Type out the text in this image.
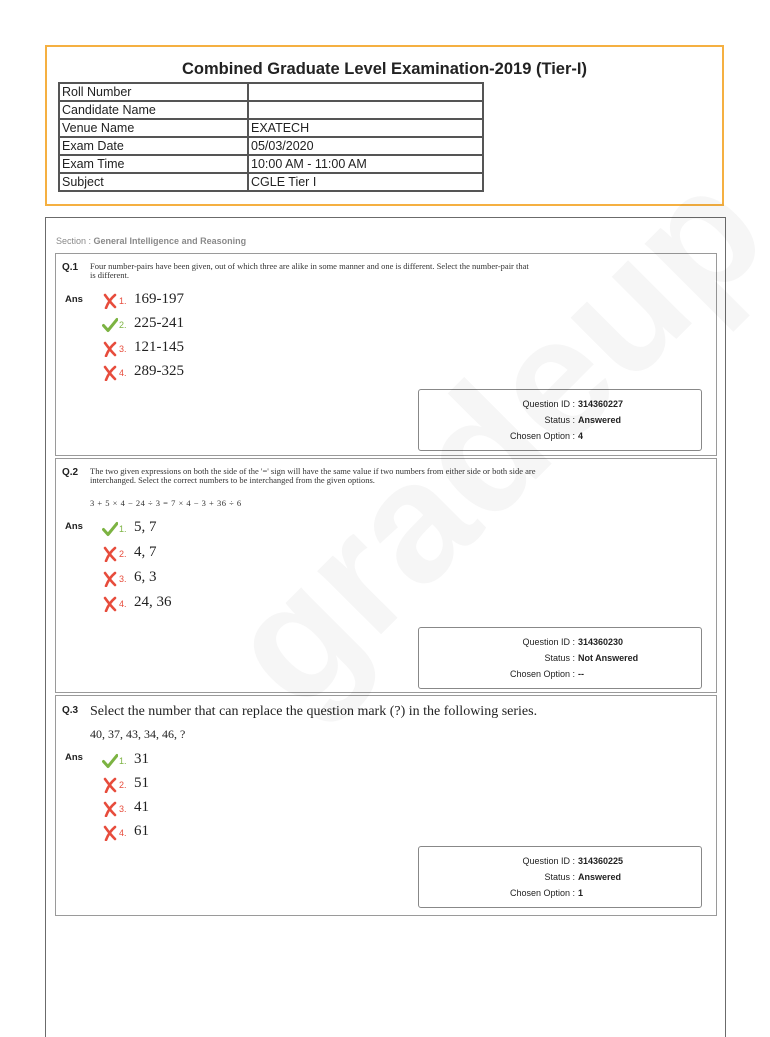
Combined Graduate Level Examination-2019 (Tier-I)
Roll Number	
Candidate Name	
Venue Name	EXATECH
Exam Date	05/03/2020
Exam Time	10:00 AM - 11:00 AM
Subject	CGLE Tier I
Section : General Intelligence and Reasoning
Q.1 Four number-pairs have been given, out of which three are alike in some manner and one is different. Select the number-pair that is different.
Ans	1. 169-197
2. 225-241
3. 121-145
4. 289-325
Question ID : 314360227
Status : Answered
Chosen Option : 4
Q.2 The two given expressions on both the side of the '=' sign will have the same value if two numbers from either side or both side are interchanged. Select the correct numbers to be interchanged from the given options.
3 + 5 × 4 − 24 ÷ 3 = 7 × 4 − 3 + 36 ÷ 6
Ans	1. 5, 7
2. 4, 7
3. 6, 3
4. 24, 36
Question ID : 314360230
Status : Not Answered
Chosen Option : --
Q.3 Select the number that can replace the question mark (?) in the following series.
40, 37, 43, 34, 46, ?
Ans	1. 31
2. 51
3. 41
4. 61
Question ID : 314360225
Status : Answered
Chosen Option : 1
